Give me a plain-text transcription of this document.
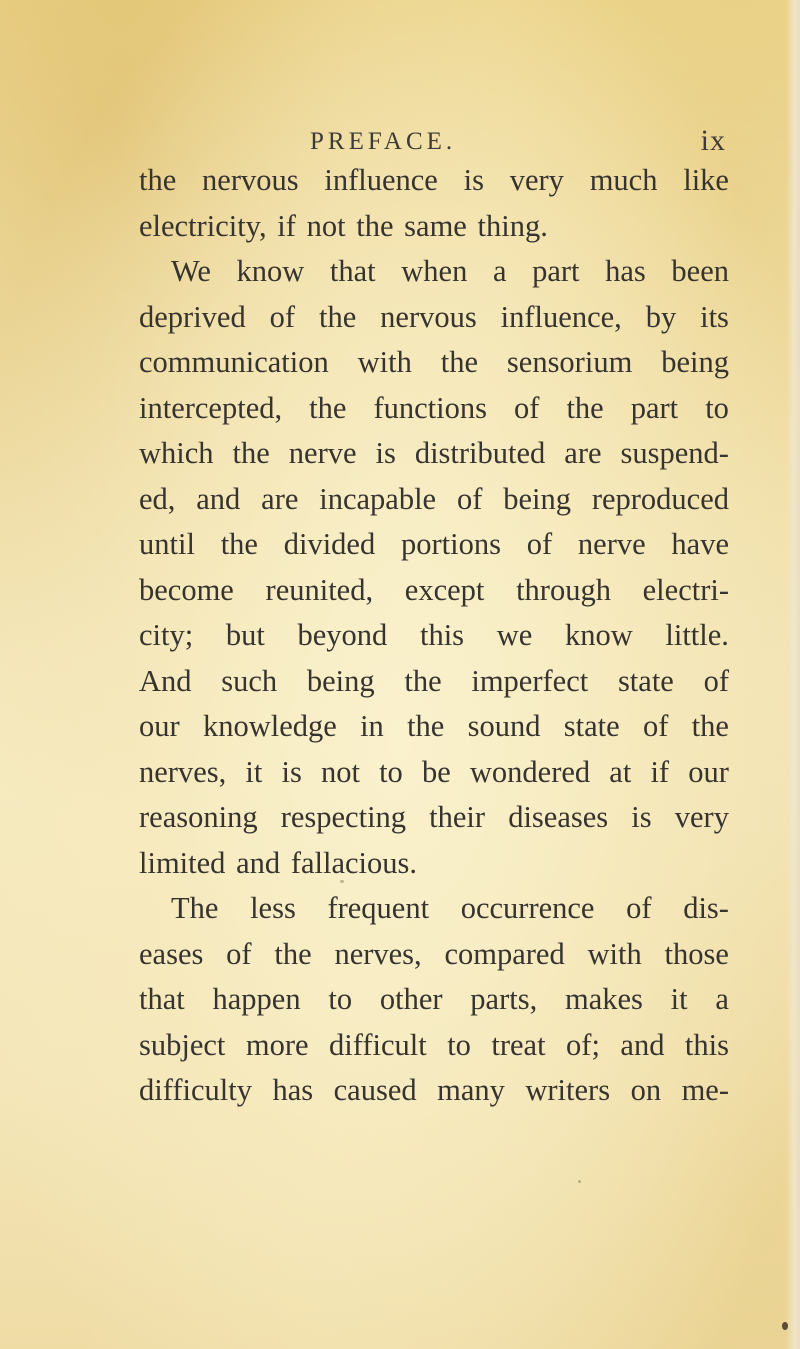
PREFACE.	ix
the nervous influence is very much like
electricity, if not the same thing.
We know that when a part has been
deprived of the nervous influence, by its
communication with the sensorium being
intercepted, the functions of the part to
which the nerve is distributed are suspend-
ed, and are incapable of being reproduced
until the divided portions of nerve have
become reunited, except through electri-
city; but beyond this we know little.
And such being the imperfect state of
our knowledge in the sound state of the
nerves, it is not to be wondered at if our
reasoning respecting their diseases is very
limited and fallacious.
The less frequent occurrence of dis-
eases of the nerves, compared with those
that happen to other parts, makes it a
subject more difficult to treat of; and this
difficulty has caused many writers on me-
